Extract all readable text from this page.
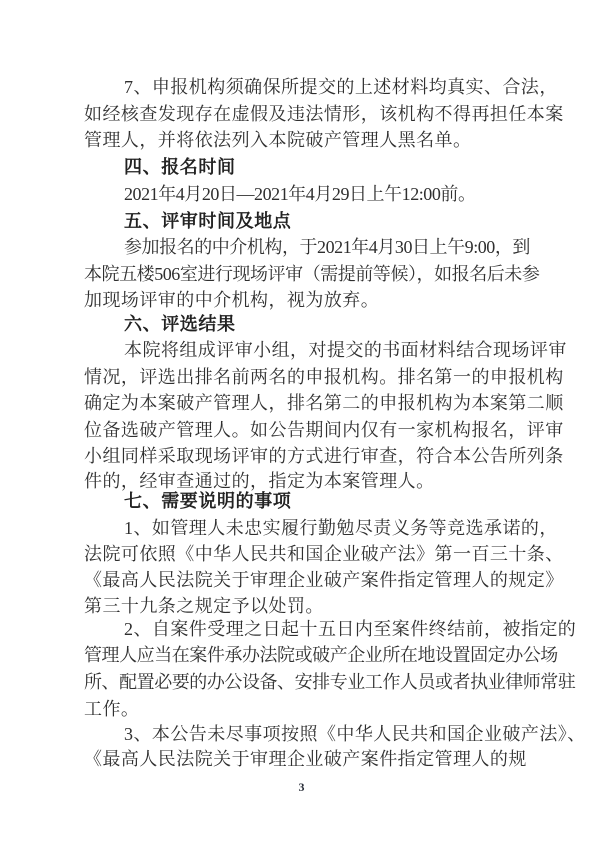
7、申报机构须确保所提交的上述材料均真实、合法，
如经核查发现存在虚假及违法情形，该机构不得再担任本案
管理人，并将依法列入本院破产管理人黑名单。
四、报名时间
2021年4月20日—2021年4月29日上午12:00前。
五、评审时间及地点
参加报名的中介机构，于2021年4月30日上午9:00，到
本院五楼506室进行现场评审（需提前等候），如报名后未参
加现场评审的中介机构，视为放弃。
六、评选结果
本院将组成评审小组，对提交的书面材料结合现场评审
情况，评选出排名前两名的申报机构。排名第一的申报机构
确定为本案破产管理人，排名第二的申报机构为本案第二顺
位备选破产管理人。如公告期间内仅有一家机构报名，评审
小组同样采取现场评审的方式进行审查，符合本公告所列条
件的，经审查通过的，指定为本案管理人。
七、需要说明的事项
1、如管理人未忠实履行勤勉尽责义务等竞选承诺的，
法院可依照《中华人民共和国企业破产法》第一百三十条、
《最高人民法院关于审理企业破产案件指定管理人的规定》
第三十九条之规定予以处罚。
2、自案件受理之日起十五日内至案件终结前，被指定的
管理人应当在案件承办法院或破产企业所在地设置固定办公场
所、配置必要的办公设备、安排专业工作人员或者执业律师常驻
工作。
3、本公告未尽事项按照《中华人民共和国企业破产法》、
《最高人民法院关于审理企业破产案件指定管理人的规
3
